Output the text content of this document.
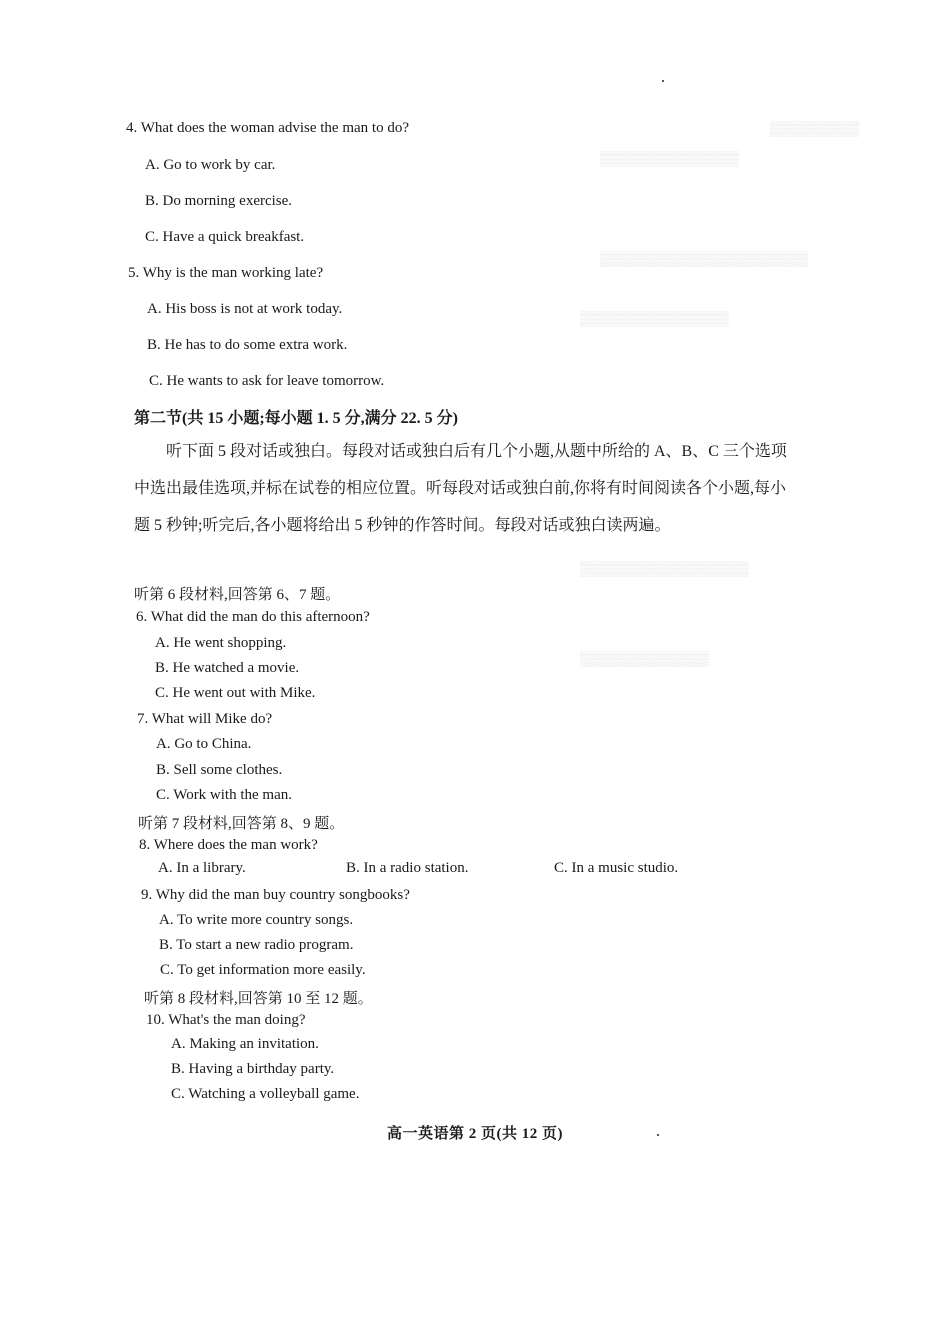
▒▒▒▒▒▒▒▒▒
▒▒▒▒▒▒▒▒▒▒▒▒▒▒
▒▒▒▒▒▒▒▒▒▒▒▒▒▒▒▒▒▒▒▒▒
▒▒▒▒▒▒▒▒▒▒▒▒▒▒▒
▒▒▒▒▒▒▒▒▒▒▒▒▒▒▒▒▒
▒▒▒▒▒▒▒▒▒▒▒▒▒

4. What does the woman advise the man to do?

A. Go to work by car.

B. Do morning exercise.

C. Have a quick breakfast.

5. Why is the man working late?

A. His boss is not at work today.

B. He has to do some extra work.

C. He wants to ask for leave tomorrow.

第二节(共 15 小题;每小题 1. 5 分,满分 22. 5 分)

听下面 5 段对话或独白。每段对话或独白后有几个小题,从题中所给的 A、B、C 三个选项中选出最佳选项,并标在试卷的相应位置。听每段对话或独白前,你将有时间阅读各个小题,每小题 5 秒钟;听完后,各小题将给出 5 秒钟的作答时间。每段对话或独白读两遍。

听第 6 段材料,回答第 6、7 题。

6. What did the man do this afternoon?

A. He went shopping.

B. He watched a movie.

C. He went out with Mike.

7. What will Mike do?

A. Go to China.

B. Sell some clothes.

C. Work with the man.

听第 7 段材料,回答第 8、9 题。

8. Where does the man work?

A. In a library.	B. In a radio station.	C. In a music studio.

9. Why did the man buy country songbooks?

A. To write more country songs.

B. To start a new radio program.

C. To get information more easily.

听第 8 段材料,回答第 10 至 12 题。

10. What's the man doing?

A. Making an invitation.

B. Having a birthday party.

C. Watching a volleyball game.

高一英语第 2 页(共 12 页)
